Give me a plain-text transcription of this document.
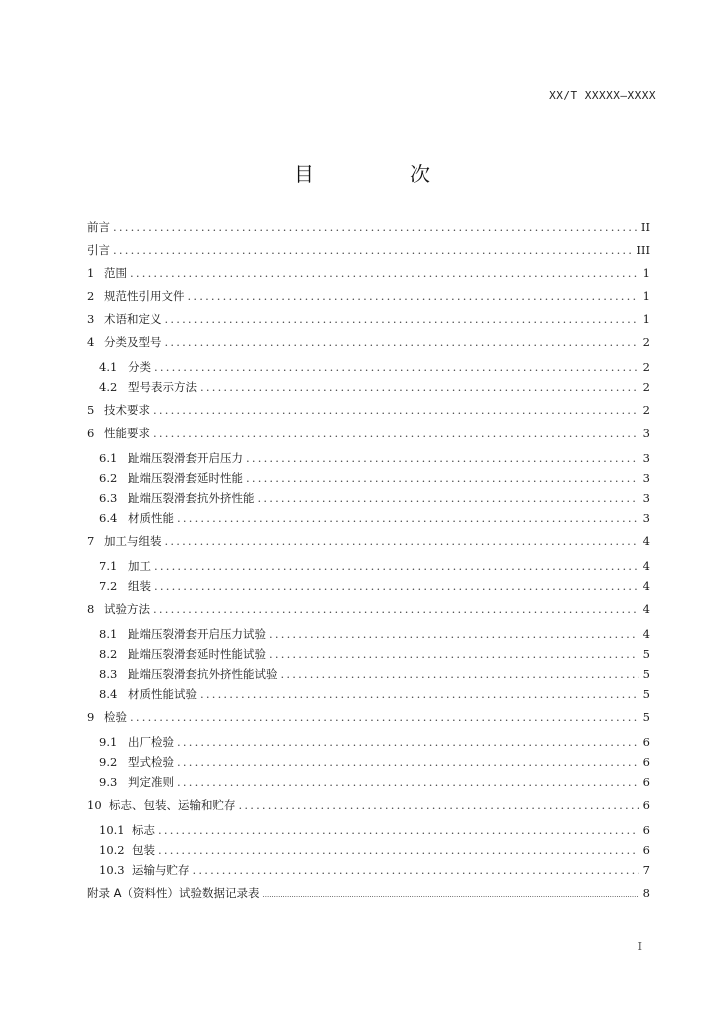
XX/T XXXXX—XXXX
目　次
前言 .....	II
引言 .....	III
1 范围 .....	1
2 规范性引用文件 .....	1
3 术语和定义 .....	1
4 分类及型号 .....	2
4.1 分类 .....	2
4.2 型号表示方法 .....	2
5 技术要求 .....	2
6 性能要求 .....	3
6.1 趾端压裂滑套开启压力 .....	3
6.2 趾端压裂滑套延时性能 .....	3
6.3 趾端压裂滑套抗外挤性能 .....	3
6.4 材质性能 .....	3
7 加工与组装 .....	4
7.1 加工 .....	4
7.2 组装 .....	4
8 试验方法 .....	4
8.1 趾端压裂滑套开启压力试验 .....	4
8.2 趾端压裂滑套延时性能试验 .....	5
8.3 趾端压裂滑套抗外挤性能试验 .....	5
8.4 材质性能试验 .....	5
9 检验 .....	5
9.1 出厂检验 .....	6
9.2 型式检验 .....	6
9.3 判定准则 .....	6
10 标志、包装、运输和贮存 .....	6
10.1 标志 .....	6
10.2 包装 .....	6
10.3 运输与贮存 .....	7
附录 A（资料性）试验数据记录表 .....	8
I
